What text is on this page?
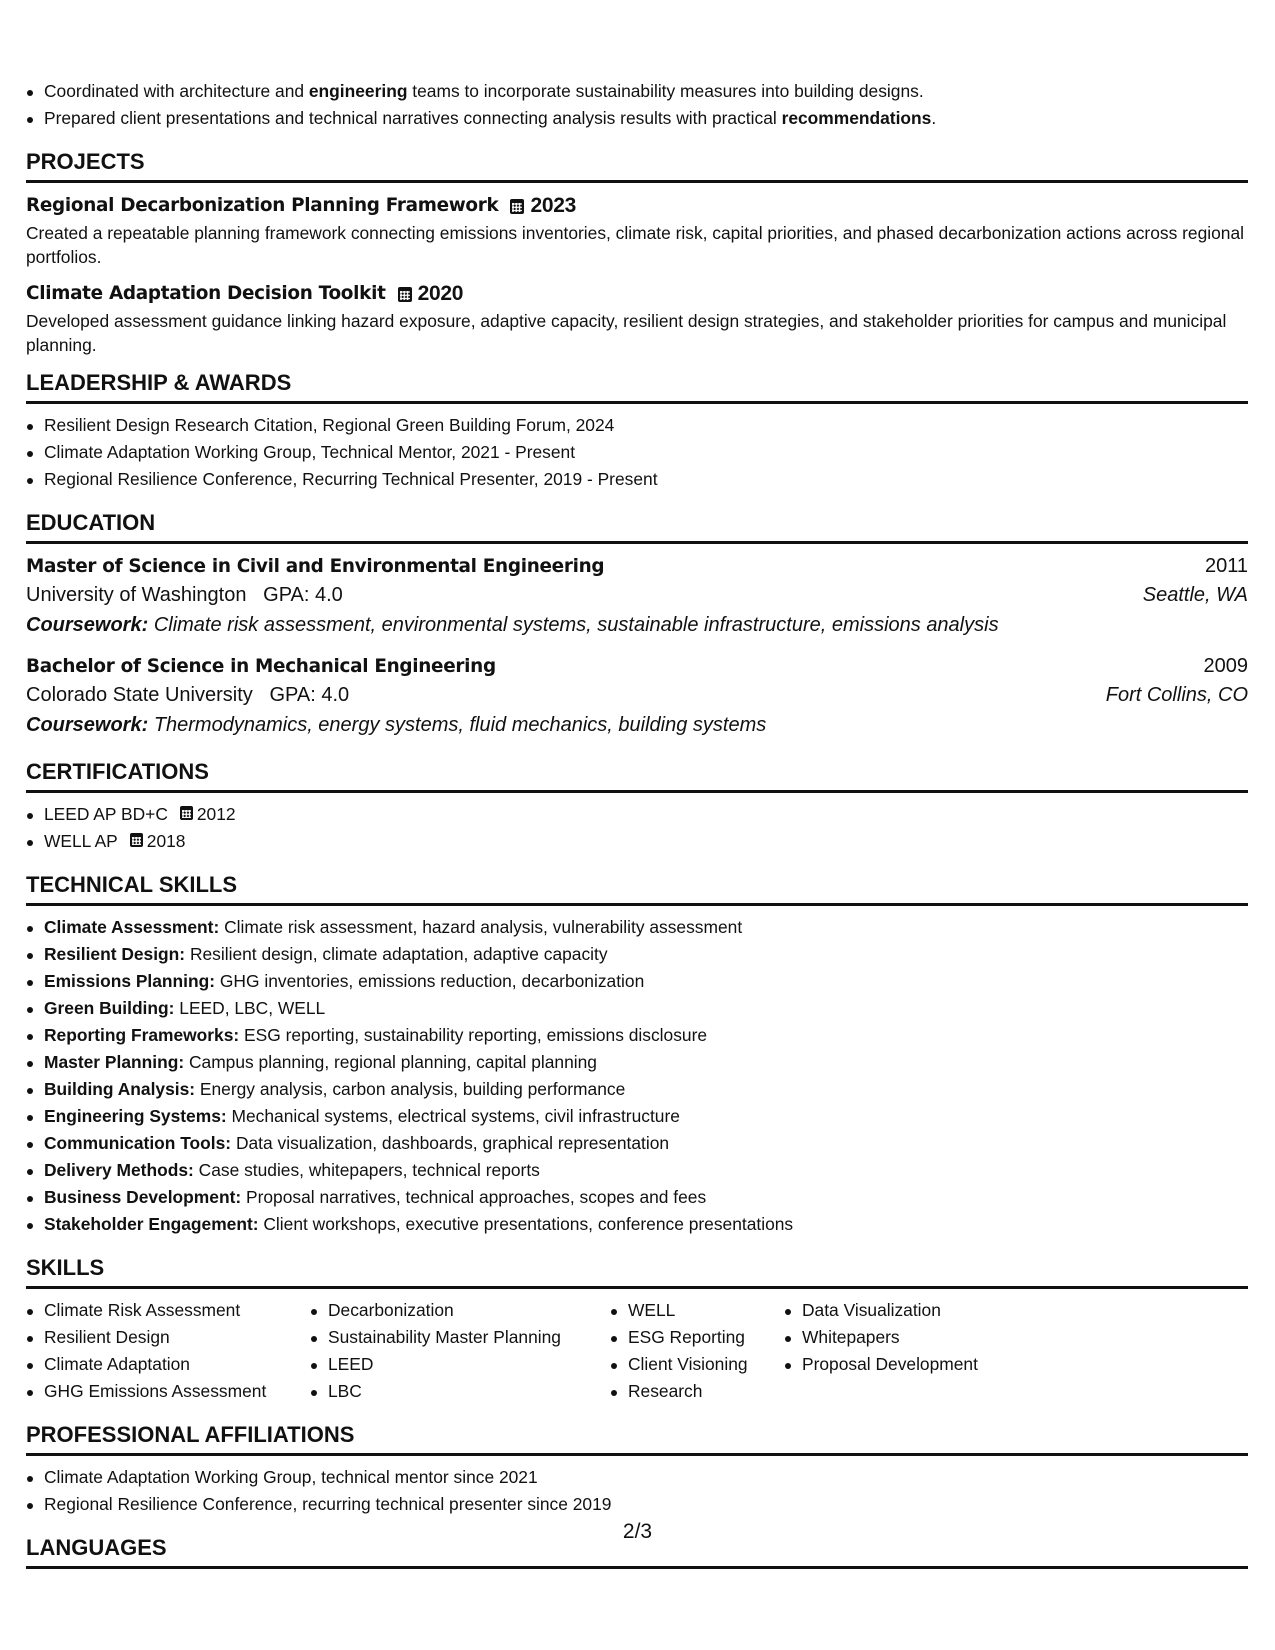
Coordinated with architecture and engineering teams to incorporate sustainability measures into building designs.
Prepared client presentations and technical narratives connecting analysis results with practical recommendations.
PROJECTS
Regional Decarbonization Planning Framework 2023
Created a repeatable planning framework connecting emissions inventories, climate risk, capital priorities, and phased decarbonization actions across regional portfolios.
Climate Adaptation Decision Toolkit 2020
Developed assessment guidance linking hazard exposure, adaptive capacity, resilient design strategies, and stakeholder priorities for campus and municipal planning.
LEADERSHIP & AWARDS
Resilient Design Research Citation, Regional Green Building Forum, 2024
Climate Adaptation Working Group, Technical Mentor, 2021 - Present
Regional Resilience Conference, Recurring Technical Presenter, 2019 - Present
EDUCATION
Master of Science in Civil and Environmental Engineering	2011
University of Washington GPA: 4.0	Seattle, WA
Coursework: Climate risk assessment, environmental systems, sustainable infrastructure, emissions analysis
Bachelor of Science in Mechanical Engineering	2009
Colorado State University GPA: 4.0	Fort Collins, CO
Coursework: Thermodynamics, energy systems, fluid mechanics, building systems
CERTIFICATIONS
LEED AP BD+C 2012
WELL AP 2018
TECHNICAL SKILLS
Climate Assessment: Climate risk assessment, hazard analysis, vulnerability assessment
Resilient Design: Resilient design, climate adaptation, adaptive capacity
Emissions Planning: GHG inventories, emissions reduction, decarbonization
Green Building: LEED, LBC, WELL
Reporting Frameworks: ESG reporting, sustainability reporting, emissions disclosure
Master Planning: Campus planning, regional planning, capital planning
Building Analysis: Energy analysis, carbon analysis, building performance
Engineering Systems: Mechanical systems, electrical systems, civil infrastructure
Communication Tools: Data visualization, dashboards, graphical representation
Delivery Methods: Case studies, whitepapers, technical reports
Business Development: Proposal narratives, technical approaches, scopes and fees
Stakeholder Engagement: Client workshops, executive presentations, conference presentations
SKILLS
Climate Risk Assessment
Resilient Design
Climate Adaptation
GHG Emissions Assessment
Decarbonization
Sustainability Master Planning
LEED
LBC
WELL
ESG Reporting
Client Visioning
Research
Data Visualization
Whitepapers
Proposal Development
PROFESSIONAL AFFILIATIONS
Climate Adaptation Working Group, technical mentor since 2021
Regional Resilience Conference, recurring technical presenter since 2019
LANGUAGES
2/3
